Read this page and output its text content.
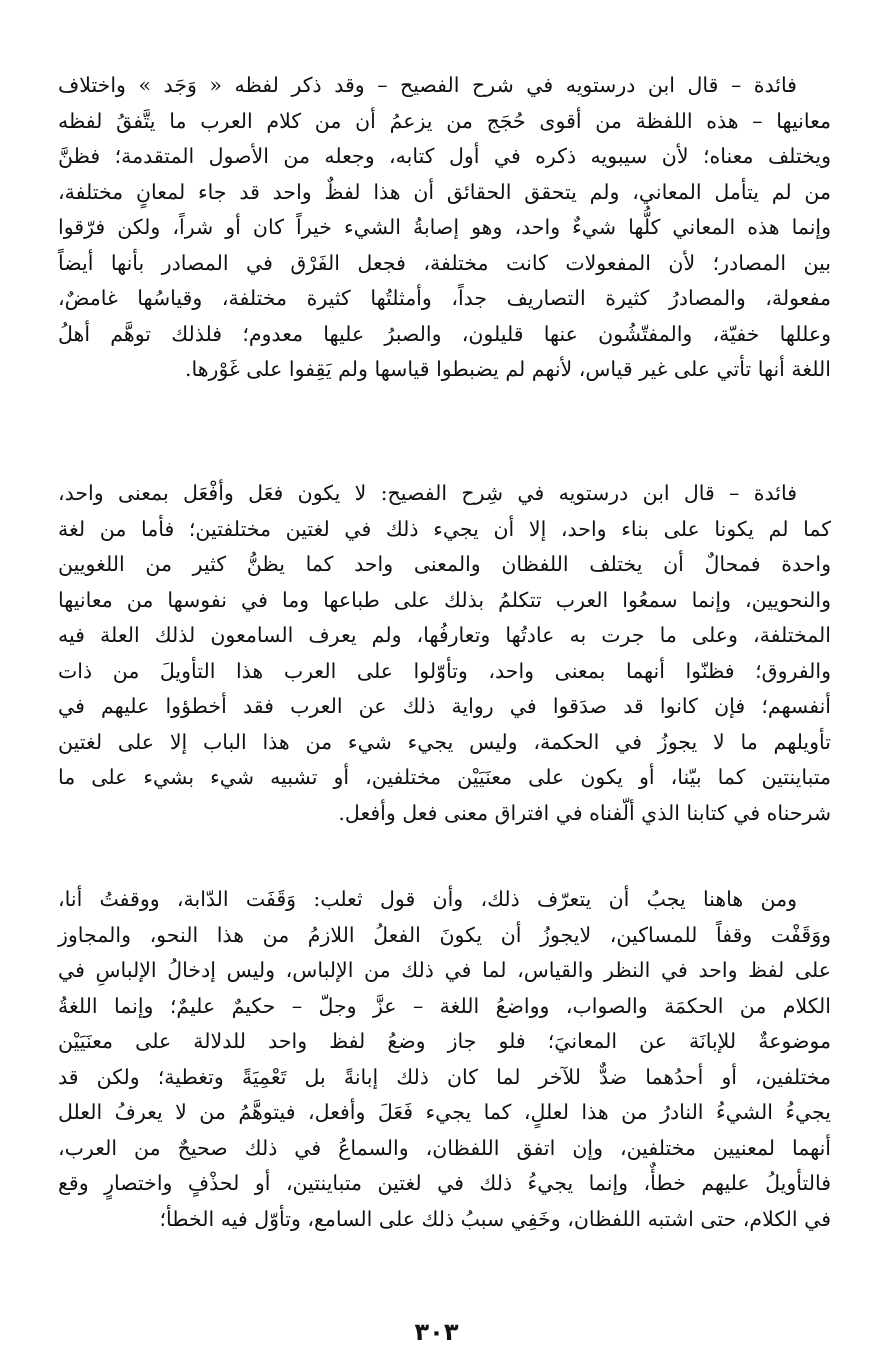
فائدة – قال ابن درستويه في شرح الفصيح – وقد ذكر لفظه « وَجَد » واختلاف
معانيها – هذه اللفظة من أقوى حُجَج من يزعمُ أن من كلام العرب ما يتَّفقُ لفظه
ويختلف معناه؛ لأن سيبويه ذكره في أول كتابه، وجعله من الأصول المتقدمة؛ فظنَّ
من لم يتأمل المعاني، ولم يتحقق الحقائق أن هذا لفظٌ واحد قد جاء لمعانٍ مختلفة،
وإنما هذه المعاني كلُّها شيءٌ واحد، وهو إصابةُ الشيء خيراً كان أو شراً، ولكن فرّقوا
بين المصادر؛ لأن المفعولات كانت مختلفة، فجعل الفَرْق في المصادر بأنها أيضاً
مفعولة، والمصادرُ كثيرة التصاريف جداً، وأمثلتُها كثيرة مختلفة، وقياسُها غامضٌ،
وعللها خفيّة، والمفتّشُون عنها قليلون، والصبرُ عليها معدوم؛ فلذلك توهَّم أهلُ
اللغة أنها تأتي على غير قياس، لأنهم لم يضبطوا قياسها ولم يَقِفوا على غَوْرها.

فائدة – قال ابن درستويه في شِرح الفصيح: لا يكون فعَل وأفْعَل بمعنى واحد،
كما لم يكونا على بناء واحد، إلا أن يجيء ذلك في لغتين مختلفتين؛ فأما من لغة
واحدة فمحالٌ أن يختلف اللفظان والمعنى واحد كما يظنُّ كثير من اللغويين
والنحويين، وإنما سمعُوا العرب تتكلمُ بذلك على طباعها وما في نفوسها من معانيها
المختلفة، وعلى ما جرت به عادتُها وتعارفُها، ولم يعرف السامعون لذلك العلة فيه
والفروق؛ فظنّوا أنهما بمعنى واحد، وتأوّلوا على العرب هذا التأويلَ من ذات
أنفسهم؛ فإن كانوا قد صدَقوا في رواية ذلك عن العرب فقد أخطؤوا عليهم في
تأويلهم ما لا يجوزُ في الحكمة، وليس يجيء شيء من هذا الباب إلا على لغتين
متباينتين كما بيّنا، أو يكون على معنَيَيْن مختلفين، أو تشبيه شيء بشيء على ما
شرحناه في كتابنا الذي ألّفناه في افتراق معنى فعل وأفعل.

ومن هاهنا يجبُ أن يتعرّف ذلك، وأن قول ثعلب: وَقَفَت الدّابة، ووقفتُ أنا،
ووَقَفْت وقفاً للمساكين، لايجوزُ أن يكونَ الفعلُ اللازمُ من هذا النحو، والمجاوز
على لفظ واحد في النظر والقياس، لما في ذلك من الإلباس، وليس إدخالُ الإلباسِ في
الكلام من الحكمَة والصواب، وواضعُ اللغة – عزَّ وجلّ – حكيمٌ عليمٌ؛ وإنما اللغةُ
موضوعةٌ للإبانَة عن المعانيَ؛ فلو جاز وضعُ لفظ واحد للدلالة على معنَيَيْن
مختلفين، أو أحدُهما ضدٌّ للآخر لما كان ذلك إبانةً بل تَعْمِيَةً وتغطية؛ ولكن قد
يجيءُ الشيءُ النادرُ من هذا لعللٍ، كما يجيء فَعَلَ وأفعل، فيتوهَّمُ من لا يعرفُ العلل
أنهما لمعنيين مختلفين، وإن اتفق اللفظان، والسماعُ في ذلك صحيحٌ من العرب،
فالتأويلُ عليهم خطأٌ، وإنما يجيءُ ذلك في لغتين متباينتين، أو لحذْفٍ واختصارٍ وقع
في الكلام، حتى اشتبه اللفظان، وخَفِي سببُ ذلك على السامع، وتأوّل فيه الخطأ؛

٣٠٣
